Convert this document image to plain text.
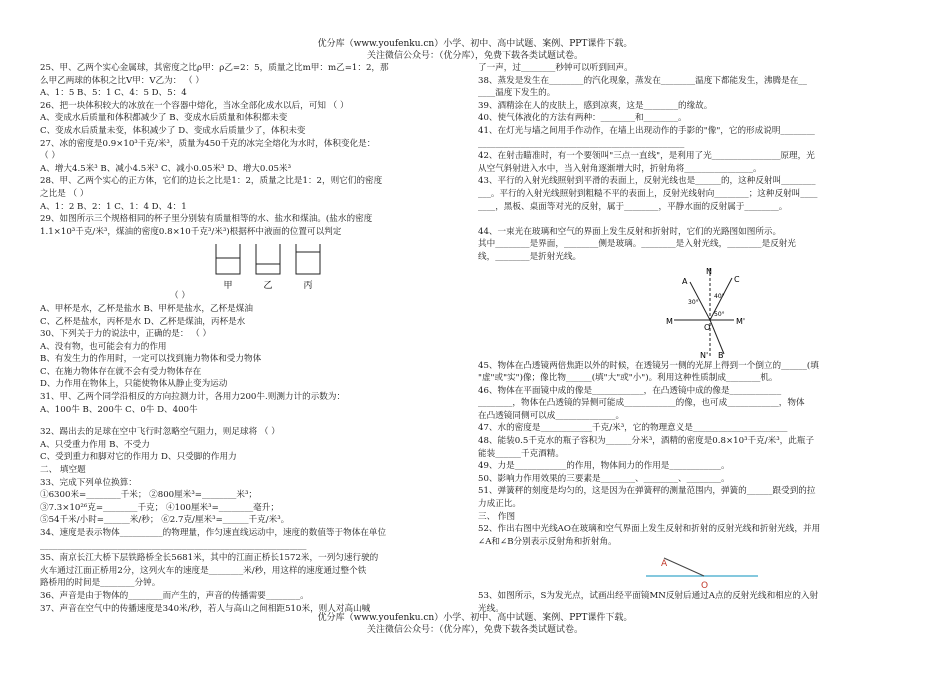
优分库（www.youfenku.cn）小学、初中、高中试题、案例、PPT课件下载。
关注微信公众号：（优分库），免费下载各类试题试卷。
25、甲、乙两个实心金属球，其密度之比ρ甲：ρ乙=2：5，质量之比m甲：m乙=1：2，那
么甲乙两球的体积之比V甲：V乙为： （ ）
A、1：5 B、5：1 C、4：5 D、5：4
26、把一块体积较大的冰放在一个容器中熔化，当冰全部化成水以后，可知 （ ）
A、变成水后质量和体积都减少了 B、变成水后质量和体积都未变
C、变成水后质量未变，体积减少了 D、变成水后质量少了，体积未变
27、冰的密度是0.9×10³千克/米³，质量为450千克的冰完全熔化为水时，体积变化是：
（ ）
A、增大4.5米³ B、减小4.5米³ C、减小0.05米³ D、增大0.05米³
28、甲、乙两个实心的正方体，它们的边长之比是1：2，质量之比是1：2，则它们的密度
之比是 （ ）
A、1：2 B、2：1 C、1：4 D、4：1
29、如图所示三个规格相同的杯子里分别装有质量相等的水、盐水和煤油。(盐水的密度
1.1×10³千克/米³，煤油的密度0.8×10千克³/米³)根据杯中液面的位置可以判定
甲	乙	丙
（ ）
A、甲杯是水，乙杯是盐水 B、甲杯是盐水，乙杯是煤油
C、乙杯是盐水，丙杯是水 D、乙杯是煤油，丙杯是水
30、下列关于力的说法中，正确的是： （ ）
A、没有物，也可能会有力的作用
B、有发生力的作用时，一定可以找到施力物体和受力物体
C、在施力物体存在就不会有受力物体存在
D、力作用在物体上，只能使物体从静止变为运动
31、甲、乙两个同学沿相反的方向拉测力计，各用力200牛.则测力计的示数为：
A、100牛 B、200牛 C、0牛 D、400牛
32、踢出去的足球在空中飞行时忽略空气阻力，则足球将 （ ）
A、只受重力作用 B、不受力
C、受到重力和脚对它的作用力 D、只受脚的作用力
二、 填空题
33、完成下列单位换算：
①6300米=________千米； ②800厘米³=________米³；
③7.3×10²⁶克=________千克； ④100厘米³=________毫升；
⑤54千米/小时=______米/秒； ⑥2.7克/厘米³=______千克/米³。
34、速度是表示物体__________的物理量，作匀速直线运动中，速度的数值等于物体在单位
______________________________________________________________
35、南京长江大桥下层铁路桥全长5681米，其中的江面正桥长1572米，一列匀速行驶的
火车通过江面正桥用2分，这列火车的速度是________米/秒，用这样的速度通过整个铁
路桥用的时间是________分钟。
36、声音是由于物体的________而产生的，声音的传播需要________。
37、声音在空气中的传播速度是340米/秒，若人与高山之间相距510米，则人对高山喊
了一声，过________秒钟可以听到回声。
38、蒸发是发生在________的汽化现象，蒸发在________温度下都能发生，沸腾是在__
____温度下发生的。
39、酒精涂在人的皮肤上，感到凉爽，这是________的缘故。
40、使气体液化的方法有两种：________和________。
41、在灯光与墙之间用手作动作，在墙上出现动作的手影的"像"，它的形成说明________
________________________________________________
42、在射击瞄准时，有一个要领叫"三点一直线"，是利用了光________________原理，光
从空气斜射进入水中，当入射角逐渐增大时，折射角将________________。
43、平行的入射光线照射到平滑的表面上，反射光线也是______的，这种反射叫________
___。平行的入射光线照射到粗糙不平的表面上，反射光线射向________；这种反射叫____
____，黑板、桌面等对光的反射，属于________，平静水面的反射属于________。
44、一束光在玻璃和空气的界面上发生反射和折射时，它们的光路图如图所示。
其中________是界面，________侧是玻璃。________是入射光线，________是反射光
线，________是折射光线。
N
C
M
O
M'
A
B
N'
30°
40°
50°
45、物体在凸透镜两倍焦距以外的时候，在透镜另一侧的光屏上得到一个倒立的______(填
"虚"或"实")像；像比物______(填"大"或"小")。利用这种性质制成________机。
46、物体在平面镜中成的像是____________，在凸透镜中成的像是____________
________，物体在凸透镜的异侧可能成____________的像，也可成____________，物体
在凸透镜同侧可以成______________。
47、水的密度是____________千克/米³，它的物理意义是______________________
48、能装0.5千克水的瓶子容积为______分米³，酒精的密度是0.8×10³千克/米³，此瓶子
能装______千克酒精。
49、力是____________的作用，物体间力的作用是____________。
50、影响力作用效果的三要素是________、________、________。
51、弹簧秤的刻度是均匀的，这是因为在弹簧秤的测量范围内，弹簧的______跟受到的拉
力成正比。
三、 作图
52、作出右图中光线AO在玻璃和空气界面上发生反射和折射的反射光线和折射光线，并用
∠A和∠B分别表示反射角和折射角。
A
O
53、如图所示，S为发光点，试画出经平面镜MN反射后通过A点的反射光线和相应的入射
光线。
优分库（www.youfenku.cn）小学、初中、高中试题、案例、PPT课件下载。
关注微信公众号：（优分库），免费下载各类试题试卷。
